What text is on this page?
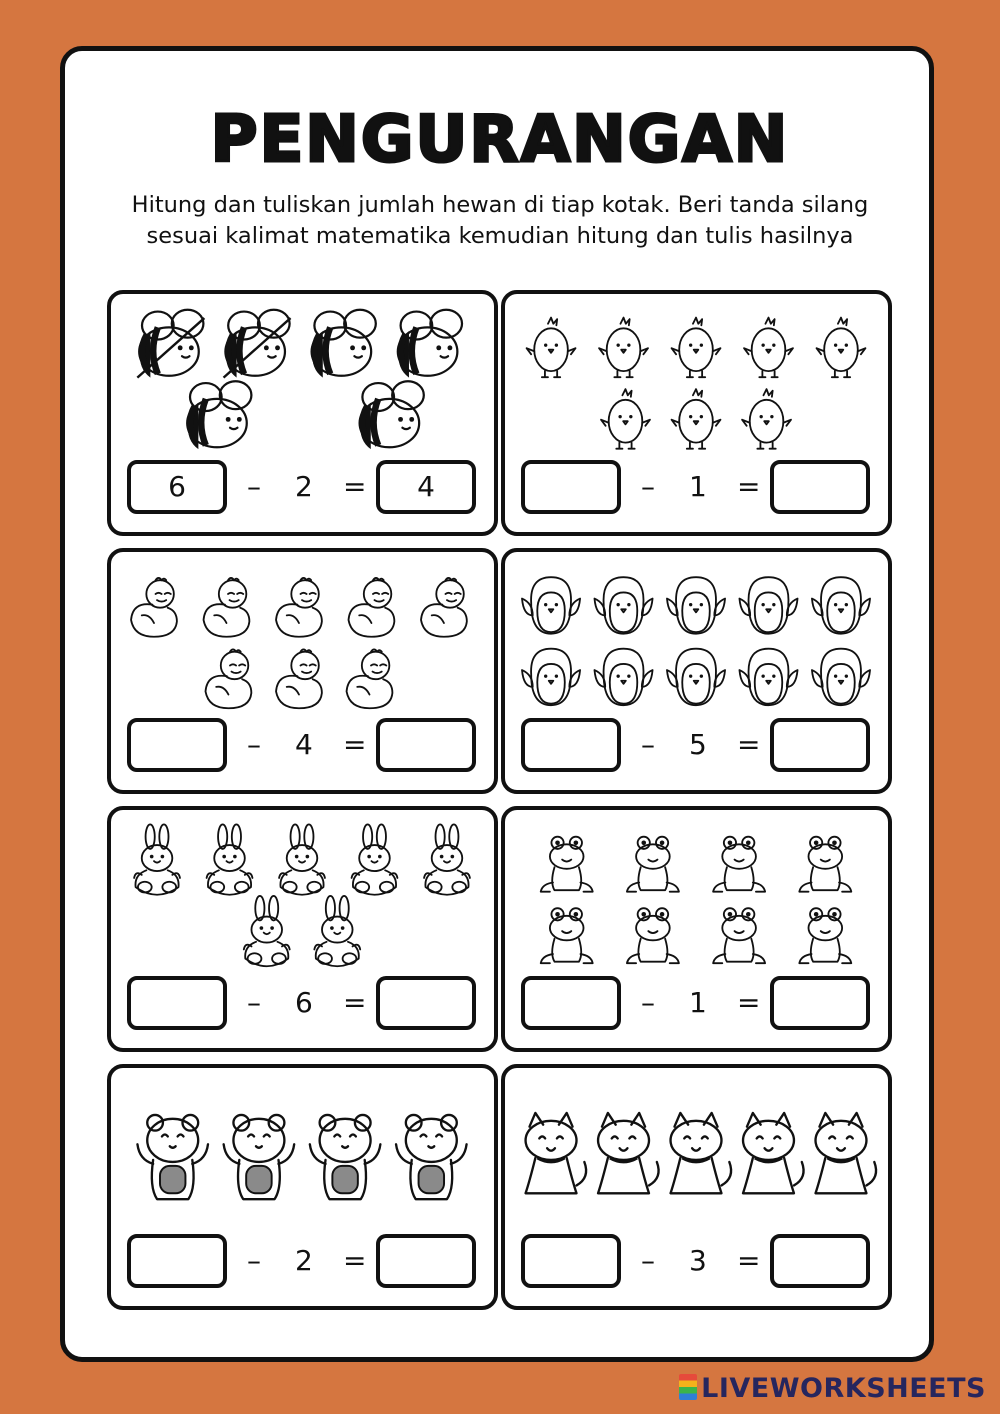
PENGURANGAN
Hitung dan tuliskan jumlah hewan di tiap kotak. Beri tanda silang sesuai kalimat matematika kemudian hitung dan tulis hasilnya
6	– 2 =	4	– 1 =
– 4 =	– 5 =
– 6 =	– 1 =
– 2 =	– 3 =
LIVEWORKSHEETS
